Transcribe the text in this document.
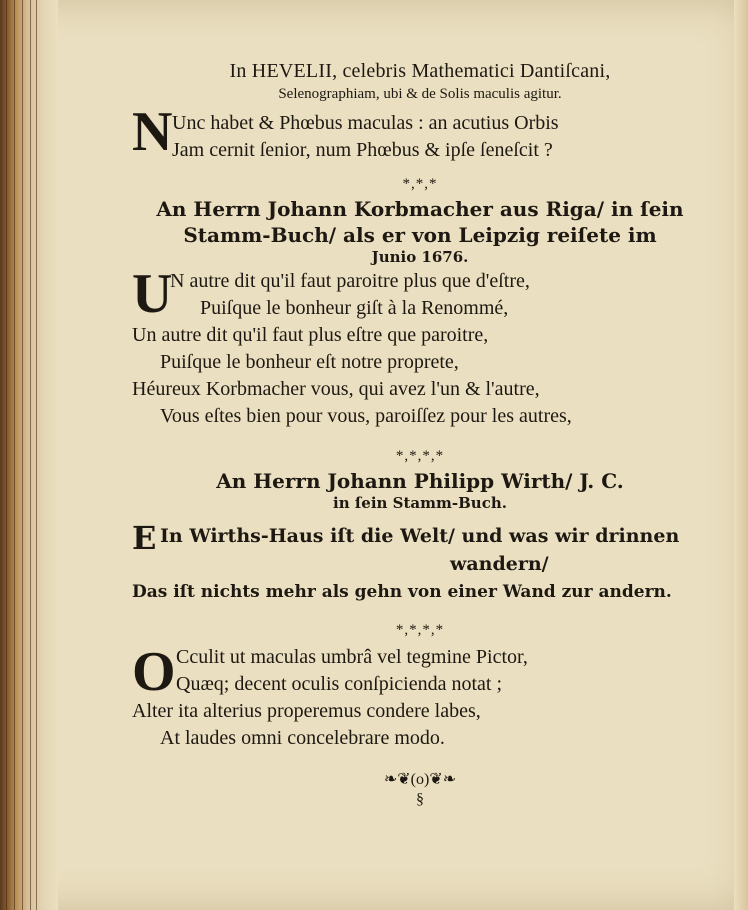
In HEVELII, celebris Mathematici Dantiſcani,
Selenographiam, ubi & de Solis maculis agitur.
N Unc habet & Phœbus maculas : an acutius Orbis
Jam cernit ſenior, num Phœbus & ipſe ſeneſcit ?
*,*,*
An Herrn Johann Korbmacher aus Riga/ in ſein
Stamm-Buch/ als er von Leipzig reiſete im
Junio 1676.
U
N autre dit qu'il faut paroitre plus que d'eſtre,
Puiſque le bonheur giſt à la Renommé,
Un autre dit qu'il faut plus eſtre que paroitre,
Puiſque le bonheur eſt notre proprete,
Héureux Korbmacher vous, qui avez l'un & l'autre,
Vous eſtes bien pour vous, paroiſſez pour les autres,
*,*,*,*
An Herrn Johann Philipp Wirth/ J. C.
in ſein Stamm-Buch.
E In Wirths-Haus iſt die Welt/ und was wir drinnen
wandern/
Das iſt nichts mehr als gehn von einer Wand zur andern.
*,*,*,*
O Cculit ut maculas umbrâ vel tegmine Pictor,
Quæq; decent oculis conſpicienda notat ;
Alter ita alterius properemus condere labes,
At laudes omni concelebrare modo.
❧❦(o)❦❧
§
